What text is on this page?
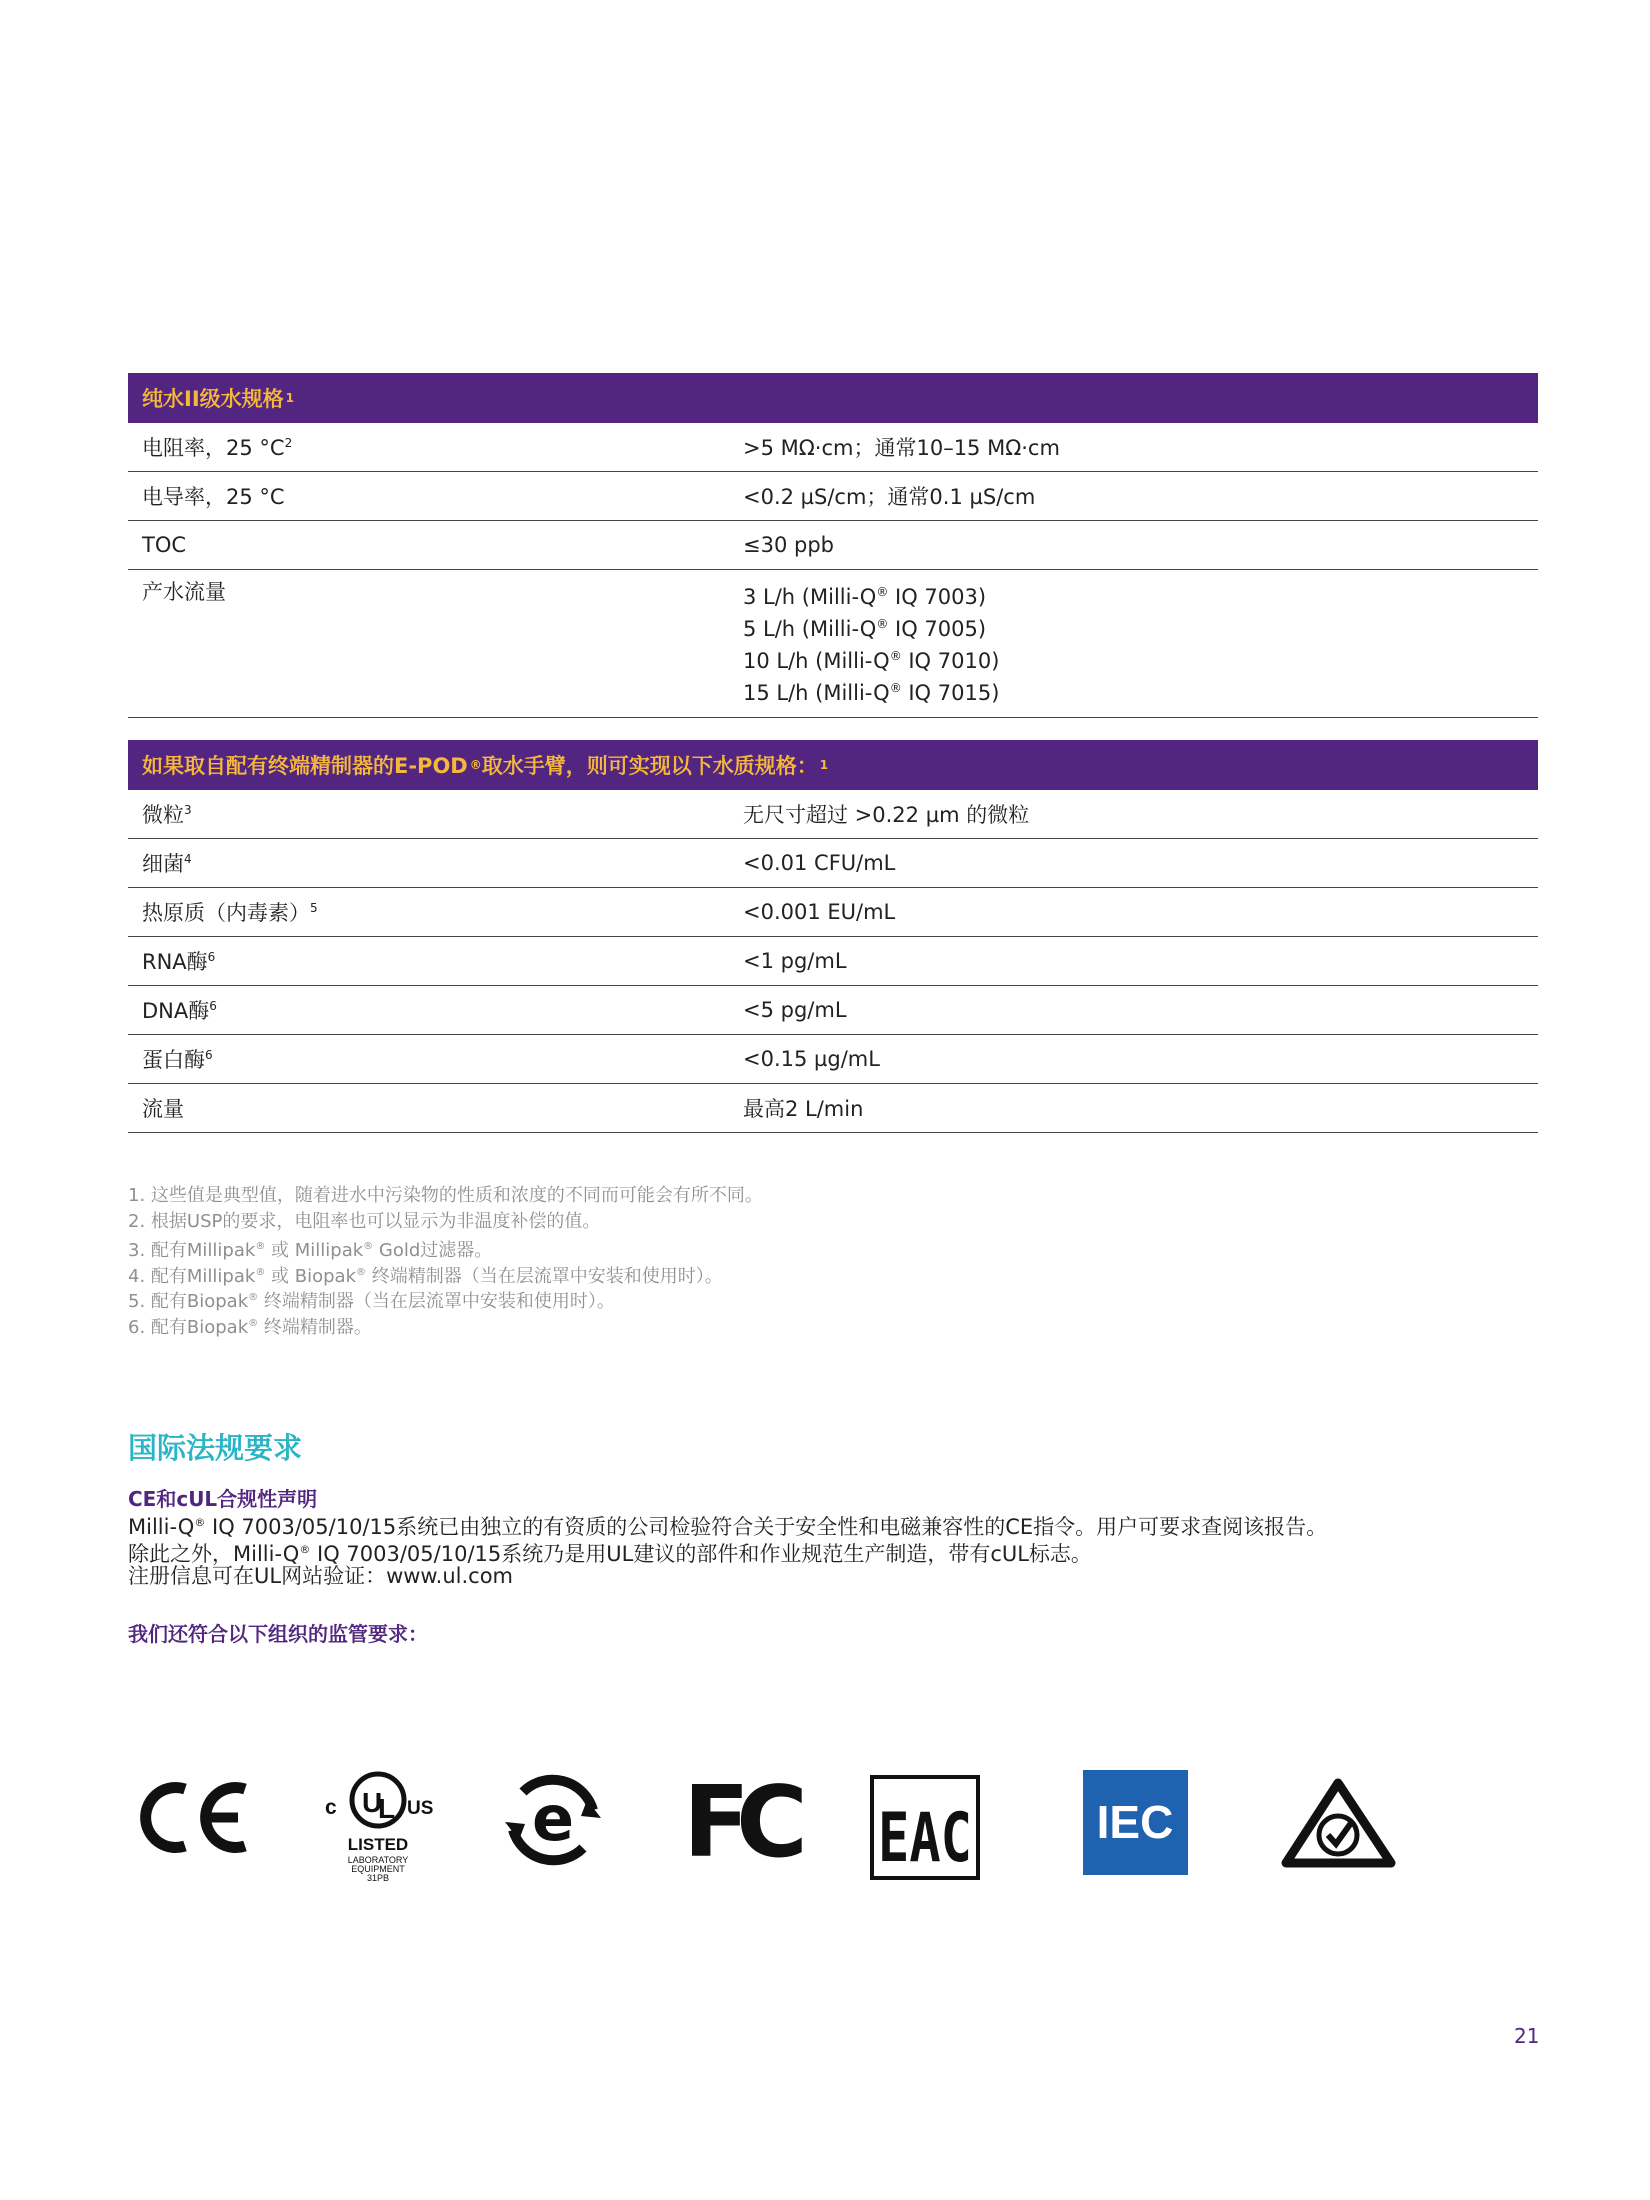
纯水II级水规格 1
电阻率，25 $^\circ C^2$	>5 MΩ·cm；通常10–15 MΩ·cm
电导率，25 °C	<0.2 µS/cm；通常0.1 µS/cm
TOC	≤30 ppb
产水流量	3 L/h (Milli-Q® IQ 7003)
5 L/h (Milli-Q® IQ 7005)
10 L/h (Milli-Q® IQ 7010)
15 L/h (Milli-Q® IQ 7015)
如果取自配有终端精制器的E-POD ® 取水手臂，则可实现以下水质规格： 1
微粒$^3$	无尺寸超过 >0.22 µm 的微粒
细菌$^4$	<0.01 CFU/mL
热原质（内毒素）$^5$	<0.001 EU/mL
RNA酶$^6$	<1 pg/mL
DNA酶$^6$	<5 pg/mL
蛋白酶$^6$	<0.15 µg/mL
流量	最高2 L/min
1. 这些值是典型值，随着进水中污染物的性质和浓度的不同而可能会有所不同。
2. 根据USP的要求，电阻率也可以显示为非温度补偿的值。
3. 配有Millipak® 或 Millipak® Gold过滤器。
4. 配有Millipak® 或 Biopak® 终端精制器（当在层流罩中安装和使用时）。
5. 配有Biopak® 终端精制器（当在层流罩中安装和使用时）。
6. 配有Biopak® 终端精制器。
国际法规要求
CE和cUL合规性声明
Milli-Q® IQ 7003/05/10/15系统已由独立的有资质的公司检验符合关于安全性和电磁兼容性的CE指令。用户可要求查阅该报告。
除此之外，Milli-Q® IQ 7003/05/10/15系统乃是用UL建议的部件和作业规范生产制造，带有cUL标志。
注册信息可在UL网站验证：www.ul.com
我们还符合以下组织的监管要求：
c U
L US
LISTED
LABORATORY
EQUIPMENT
31PB
e FC EAC	IEC
21
